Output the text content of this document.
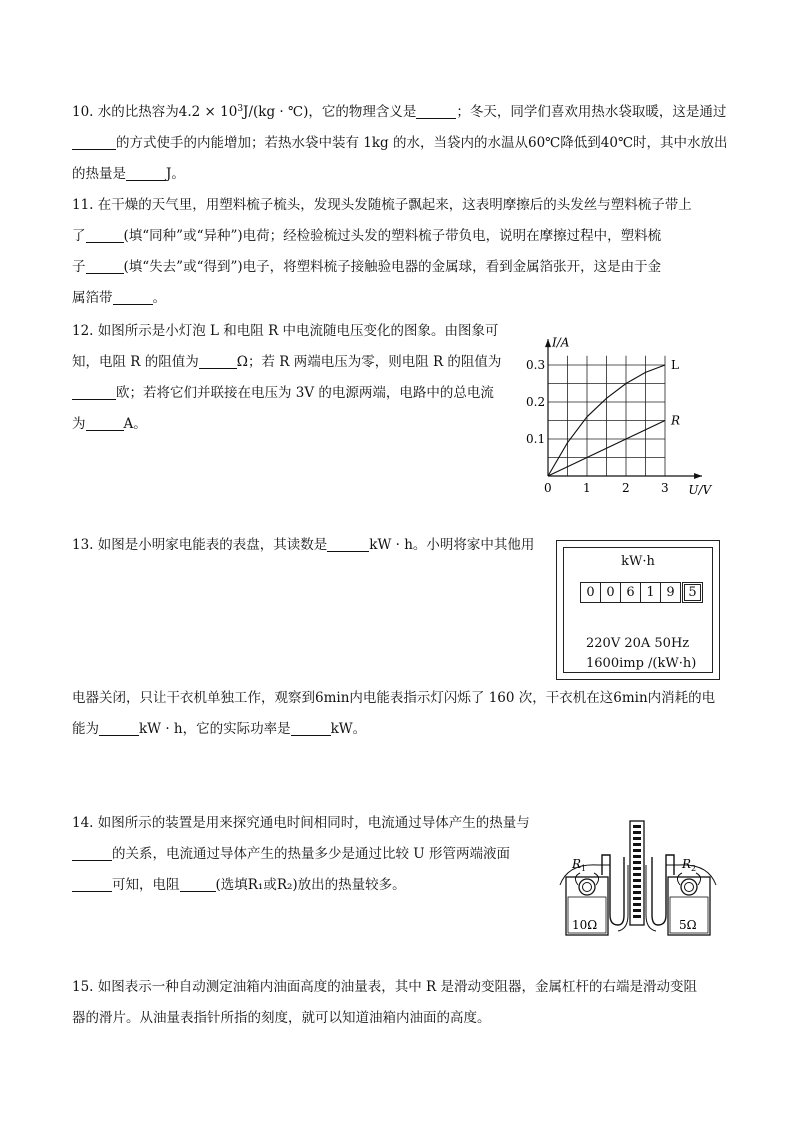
10. 水的比热容为$4.2 \times 10^3J/(kg$ · ℃)，它的物理含义是	；冬天，同学们喜欢用热水袋取暖，这是通过
的方式使手的内能增加；若热水袋中装有 1kg 的水，当袋内的水温从60℃降低到40℃时，其中水放出
的热量是	J。
11. 在干燥的天气里，用塑料梳子梳头，发现头发随梳子飘起来，这表明摩擦后的头发丝与塑料梳子带上
了	(填“同种”或“异种”)电荷；经检验梳过头发的塑料梳子带负电，说明在摩擦过程中，塑料梳
子	(填“失去”或“得到”)电子，将塑料梳子接触验电器的金属球，看到金属箔张开，这是由于金
属箔带	。
12. 如图所示是小灯泡 L 和电阻 R 中电流随电压变化的图象。由图象可
知，电阻 R 的阻值为	Ω；若 R 两端电压为零，则电阻 R 的阻值为
欧；若将它们并联接在电压为 3V 的电源两端，电路中的总电流
为	A。
L
R
0	1	2	3
0.1
0.2
0.3
U/V
I/A
13. 如图是小明家电能表的表盘，其读数是	kW · h。小明将家中其他用
电器关闭，只让干衣机单独工作，观察到6min内电能表指示灯闪烁了 160 次，干衣机在这6min内消耗的电
能为	kW · h，它的实际功率是	kW。
kW·h
0 0 6 1 9	5
220V 20A 50Hz
1600imp /(kW·h)
14. 如图所示的装置是用来探究通电时间相同时，电流通过导体产生的热量与
的关系，电流通过导体产生的热量多少是通过比较 U 形管两端液面
可知，电阻	(选填R₁或R₂)放出的热量较多。
R 1	R 2
10Ω	5Ω
15. 如图表示一种自动测定油箱内油面高度的油量表，其中 R 是滑动变阻器，金属杠杆的右端是滑动变阻
器的滑片。从油量表指针所指的刻度，就可以知道油箱内油面的高度。
